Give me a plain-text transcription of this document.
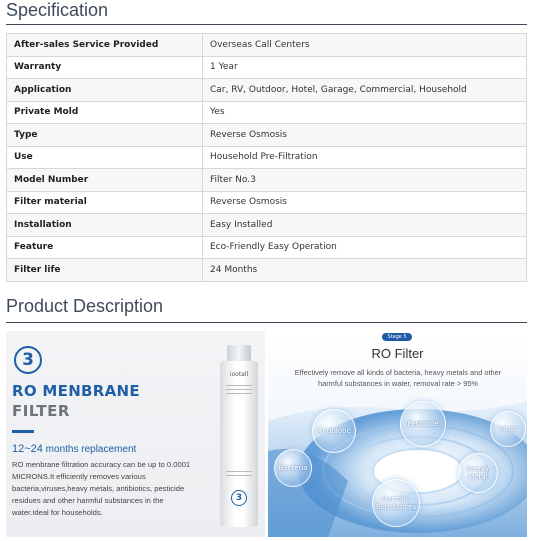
Specification
After-sales Service Provided	Overseas Call Centers
Warranty	1 Year
Application	Car, RV, Outdoor, Hotel, Garage, Commercial, Household
Private Mold	Yes
Type	Reverse Osmosis
Use	Household Pre-Filtration
Model Number	Filter No.3
Filter material	Reverse Osmosis
Installation	Easy Installed
Feature	Eco-Friendly Easy Operation
Filter life	24 Months
Product Description
3
RO MENBRANE
FILTER
12~24 months replacement
RO menbrane filtration accuracy can be up to 0.0001 MICRONS.It efficiently removes various bacteria,viruses,heavy metals, antibiotics, pesticide residues and other harmful substances in the water.Ideal for households.
iootall
3
Stage 5
RO Filter
Effectively remove all kinds of bacteria, heavy metals and other harmful substances in water, removal rate > 95%
Antibiotic
Pesticide
Virus
Bacteria	Heavy Metal
Harmful Substances
